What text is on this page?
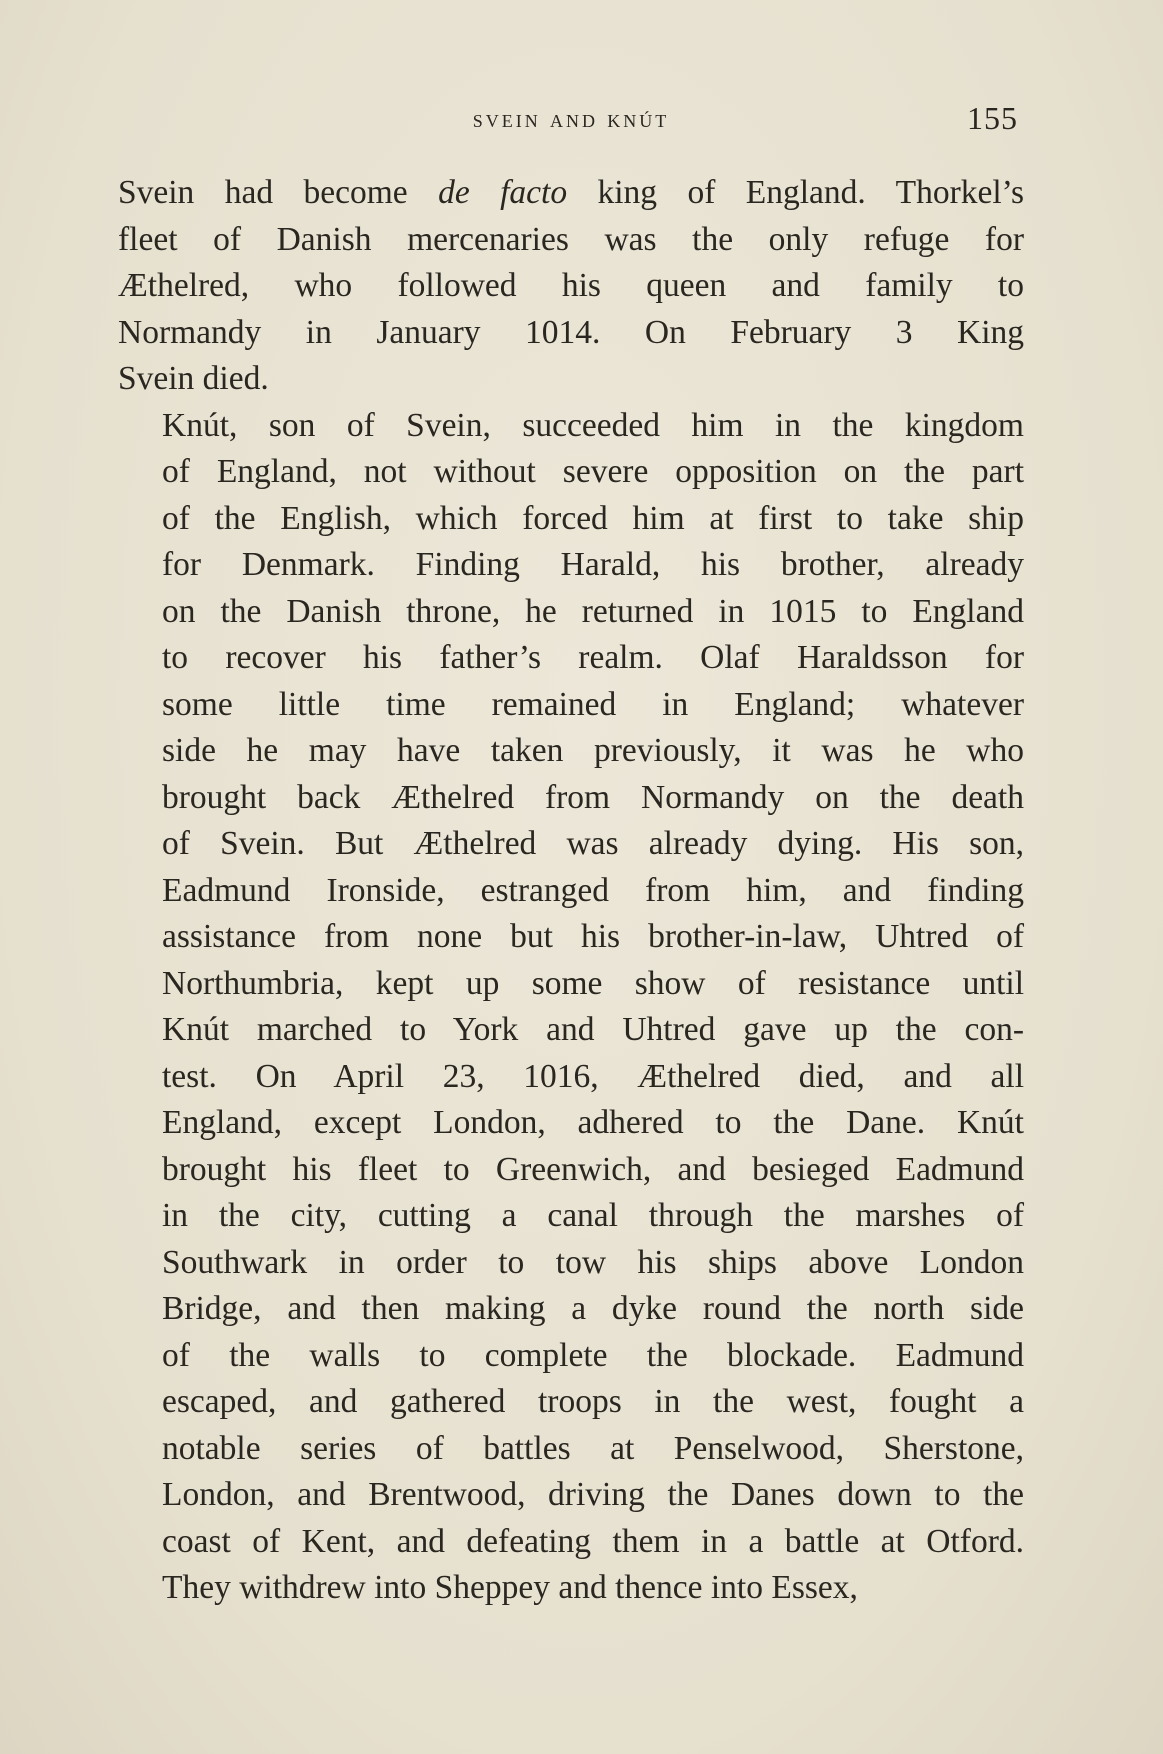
svein and knút	155
Svein had become de facto king of England. Thorkel’s
fleet of Danish mercenaries was the only refuge for
Æthelred, who followed his queen and family to
Normandy in January 1014. On February 3 King
Svein died.
Knút, son of Svein, succeeded him in the kingdom
of England, not without severe opposition on the part
of the English, which forced him at first to take ship
for Denmark. Finding Harald, his brother, already
on the Danish throne, he returned in 1015 to England
to recover his father’s realm. Olaf Haraldsson for
some little time remained in England; whatever
side he may have taken previously, it was he who
brought back Æthelred from Normandy on the death
of Svein. But Æthelred was already dying. His son,
Eadmund Ironside, estranged from him, and finding
assistance from none but his brother-in-law, Uhtred of
Northumbria, kept up some show of resistance until
Knút marched to York and Uhtred gave up the con-
test. On April 23, 1016, Æthelred died, and all
England, except London, adhered to the Dane. Knút
brought his fleet to Greenwich, and besieged Eadmund
in the city, cutting a canal through the marshes of
Southwark in order to tow his ships above London
Bridge, and then making a dyke round the north side
of the walls to complete the blockade. Eadmund
escaped, and gathered troops in the west, fought a
notable series of battles at Penselwood, Sherstone,
London, and Brentwood, driving the Danes down to the
coast of Kent, and defeating them in a battle at Otford.
They withdrew into Sheppey and thence into Essex,
